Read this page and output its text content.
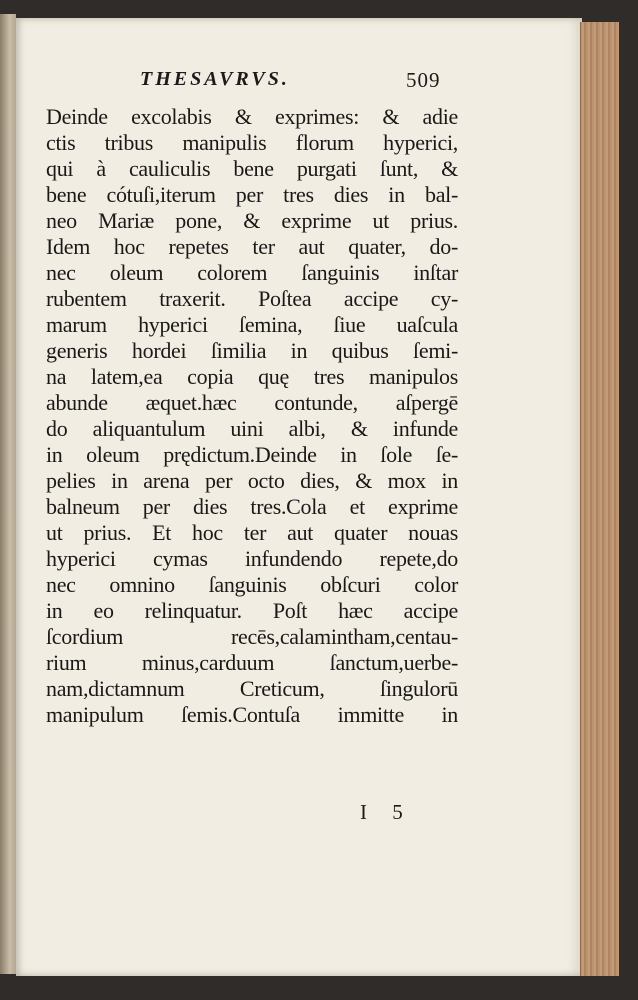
THESAVRVS.	509
Deinde excolabis & exprimes: & adie
ctis tribus manipulis florum hyperici,
qui à cauliculis bene purgati ſunt, &
bene cótuſi,iterum per tres dies in bal-
neo Mariæ pone, & exprime ut prius.
Idem hoc repetes ter aut quater, do-
nec oleum colorem ſanguinis inſtar
rubentem traxerit. Poſtea accipe cy-
marum hyperici ſemina, ſiue uaſcula
generis hordei ſimilia in quibus ſemi-
na latem,ea copia quę tres manipulos
abunde æquet.hæc contunde, aſpergē
do aliquantulum uini albi, & infunde
in oleum prędictum.Deinde in ſole ſe-
pelies in arena per octo dies, & mox in
balneum per dies tres.Cola et exprime
ut prius. Et hoc ter aut quater nouas
hyperici cymas infundendo repete,do
nec omnino ſanguinis obſcuri color
in eo relinquatur. Poſt hæc accipe
ſcordium recēs,calamintham,centau-
rium minus,carduum ſanctum,uerbe-
nam,dictamnum Creticum, ſingulorū
manipulum ſemis.Contuſa immitte in
I 5
